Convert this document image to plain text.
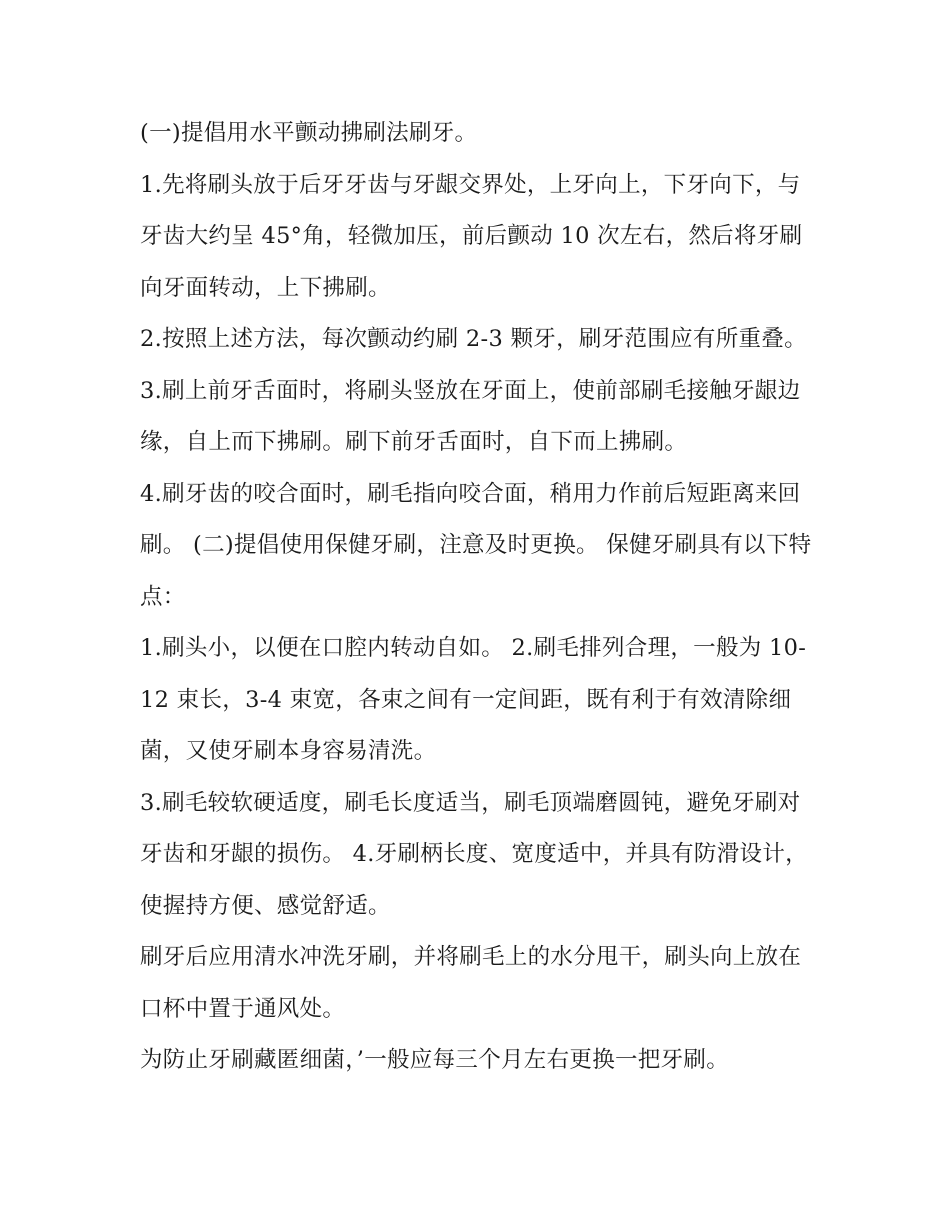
(一)提倡用水平颤动拂刷法刷牙。

1.先将刷头放于后牙牙齿与牙龈交界处，上牙向上，下牙向下，与牙齿大约呈 45°角，轻微加压，前后颤动 10 次左右，然后将牙刷向牙面转动，上下拂刷。

2.按照上述方法，每次颤动约刷 2-3 颗牙，刷牙范围应有所重叠。

3.刷上前牙舌面时，将刷头竖放在牙面上，使前部刷毛接触牙龈边缘，自上而下拂刷。刷下前牙舌面时，自下而上拂刷。

4.刷牙齿的咬合面时，刷毛指向咬合面，稍用力作前后短距离来回刷。 (二)提倡使用保健牙刷，注意及时更换。 保健牙刷具有以下特点：

1.刷头小，以便在口腔内转动自如。 2.刷毛排列合理，一般为 10-12 束长，3-4 束宽，各束之间有一定间距，既有利于有效清除细菌，又使牙刷本身容易清洗。

3.刷毛较软硬适度，刷毛长度适当，刷毛顶端磨圆钝，避免牙刷对牙齿和牙龈的损伤。 4.牙刷柄长度、宽度适中，并具有防滑设计，使握持方便、感觉舒适。

刷牙后应用清水冲洗牙刷，并将刷毛上的水分甩干，刷头向上放在口杯中置于通风处。

为防止牙刷藏匿细菌，’一般应每三个月左右更换一把牙刷。
